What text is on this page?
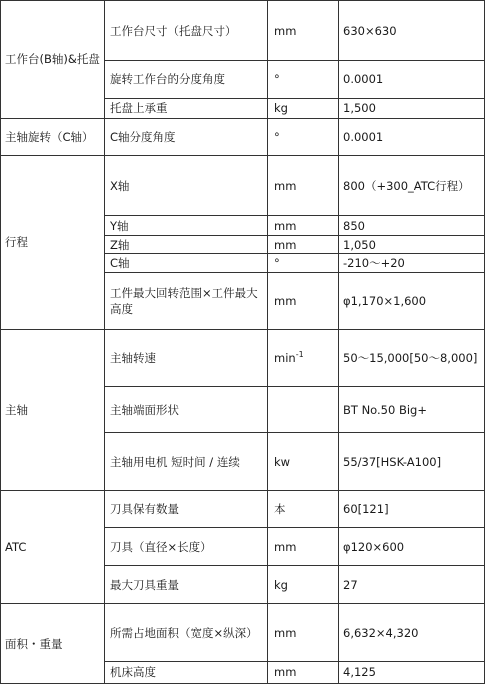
工作台(B轴)&托盘	工作台尺寸（托盘尺寸）	mm	630×630
	旋转工作台的分度角度	°	0.0001
	托盘上承重	kg	1,500
主轴旋转（C轴）	C轴分度角度	°	0.0001
行程	X轴	mm	800（+300_ATC行程）
	Y轴	mm	850
	Z轴	mm	1,050
	C轴	°	-210〜+20
	工件最大回转范围×工件最大高度	mm	φ1,170×1,600
主轴	主轴转速	$\min^{-1}$	50〜15,000[50〜8,000]
	主轴端面形状		BT No.50 Big+
	主轴用电机 短时间 / 连续	kw	55/37[HSK-A100]
ATC	刀具保有数量	本	60[121]
	刀具（直径×长度）	mm	φ120×600
	最大刀具重量	kg	27
面积・重量	所需占地面积（宽度×纵深）	mm	6,632×4,320
	机床高度	mm	4,125
